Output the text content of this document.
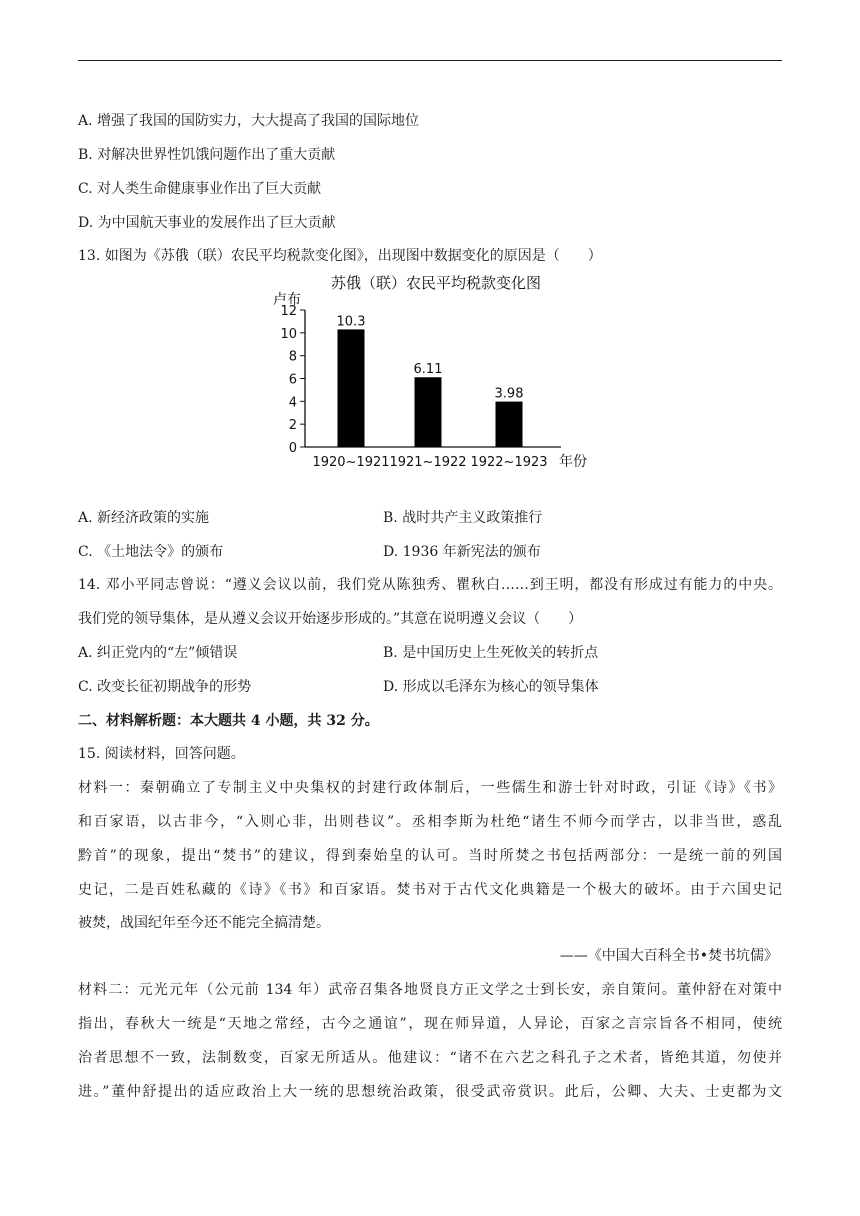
A. 增强了我国的国防实力，大大提高了我国的国际地位
B. 对解决世界性饥饿问题作出了重大贡献
C. 对人类生命健康事业作出了巨大贡献
D. 为中国航天事业的发展作出了巨大贡献
13. 如图为《苏俄（联）农民平均税款变化图》，出现图中数据变化的原因是（　　）
苏俄（联）农民平均税款变化图
卢布
0
2
4
6
8
10
12
10.3
1920~1921
6.11
1921~1922
3.98
1922~1923 年份
A. 新经济政策的实施	B. 战时共产主义政策推行
C. 《土地法令》的颁布	D. 1936 年新宪法的颁布
14. 邓小平同志曾说：“遵义会议以前，我们党从陈独秀、瞿秋白……到王明，都没有形成过有能力的中央。
我们党的领导集体，是从遵义会议开始逐步形成的。”其意在说明遵义会议（　　）
A. 纠正党内的“左”倾错误	B. 是中国历史上生死攸关的转折点
C. 改变长征初期战争的形势	D. 形成以毛泽东为核心的领导集体
二、材料解析题：本大题共 4 小题，共 32 分。
15. 阅读材料，回答问题。
材料一：秦朝确立了专制主义中央集权的封建行政体制后，一些儒生和游士针对时政，引证《诗》《书》
和百家语，以古非今，“入则心非，出则巷议”。丞相李斯为杜绝“诸生不师今而学古，以非当世，惑乱
黔首”的现象，提出“焚书”的建议，得到秦始皇的认可。当时所焚之书包括两部分：一是统一前的列国
史记，二是百姓私藏的《诗》《书》和百家语。焚书对于古代文化典籍是一个极大的破坏。由于六国史记
被焚，战国纪年至今还不能完全搞清楚。
——《中国大百科全书•焚书坑儒》
材料二：元光元年（公元前 134 年）武帝召集各地贤良方正文学之士到长安，亲自策问。董仲舒在对策中
指出，春秋大一统是“天地之常经，古今之通谊”，现在师异道，人异论，百家之言宗旨各不相同，使统
治者思想不一致，法制数变，百家无所适从。他建议：“诸不在六艺之科孔子之术者，皆绝其道，勿使并
进。”董仲舒提出的适应政治上大一统的思想统治政策，很受武帝赏识。此后，公卿、大夫、士吏都为文
